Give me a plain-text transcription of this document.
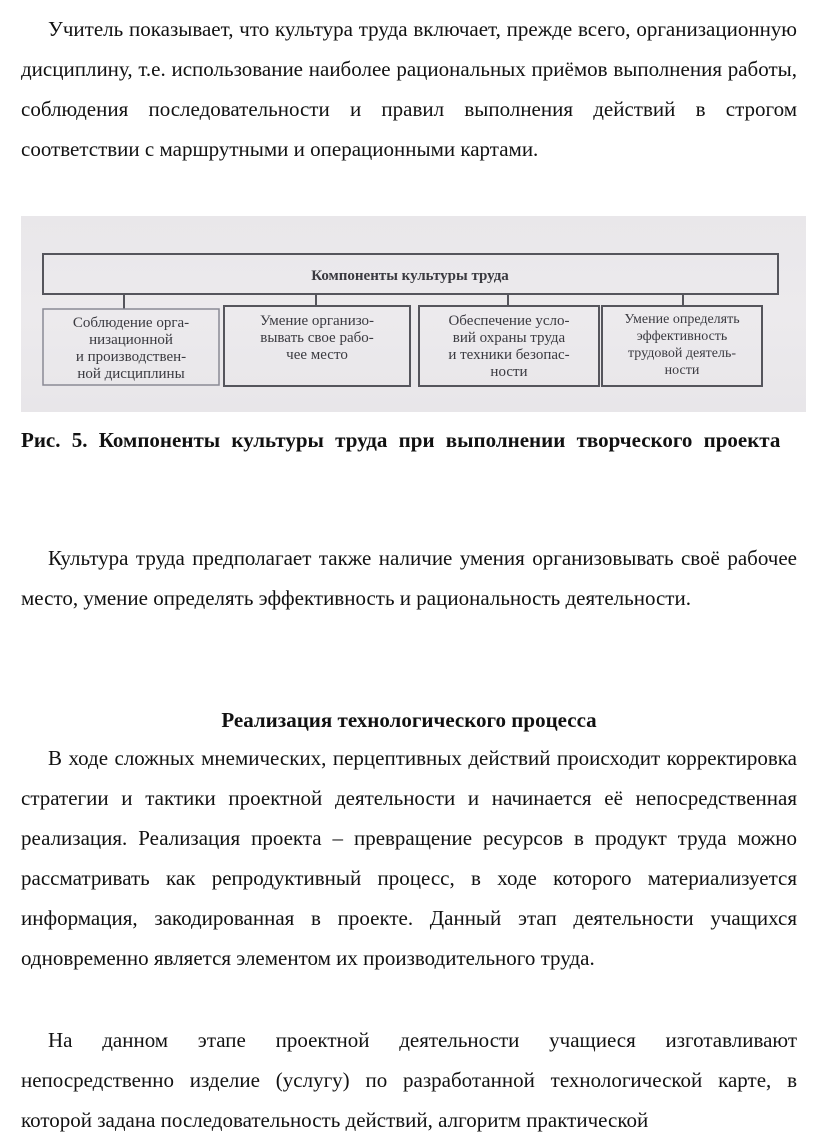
Учитель показывает, что культура труда включает, прежде всего, организационную дисциплину, т.е. использование наиболее рациональных приёмов выполнения работы, соблюдения последовательности и правил выполнения действий в строгом соответствии с маршрутными и операционными картами.

Компоненты культуры труда
Соблюдение орга-
низационной
и производствен-
ной дисциплины
Умение организо-
вывать свое рабо-
чее место
Обеспечение усло-
вий охраны труда
и техники безопас-
ности
Умение определять
эффективность
трудовой деятель-
ности

Рис. 5. Компоненты культуры труда при выполнении творческого проекта

Культура труда предполагает также наличие умения организовывать своё рабочее место, умение определять эффективность и рациональность деятельности.

Реализация технологического процесса

В ходе сложных мнемических, перцептивных действий происходит корректировка стратегии и тактики проектной деятельности и начинается её непосредственная реализация. Реализация проекта – превращение ресурсов в продукт труда можно рассматривать как репродуктивный процесс, в ходе которого материализуется информация, закодированная в проекте. Данный этап деятельности учащихся одновременно является элементом их производительного труда.

На данном этапе проектной деятельности учащиеся изготавливают непосредственно изделие (услугу) по разработанной технологической карте, в которой задана последовательность действий, алгоритм практической
